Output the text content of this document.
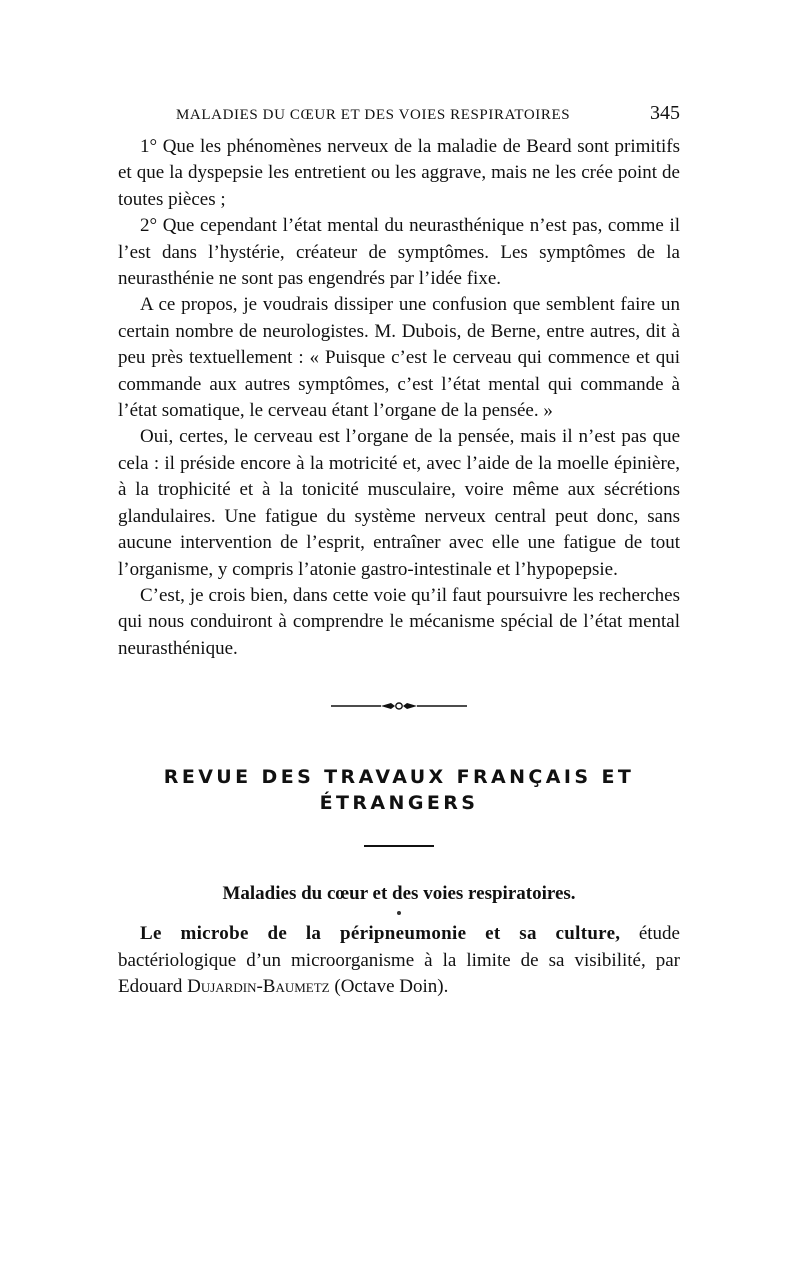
MALADIES DU CŒUR ET DES VOIES RESPIRATOIRES	345

1° Que les phénomènes nerveux de la maladie de Beard sont primitifs et que la dyspepsie les entretient ou les aggrave, mais ne les crée point de toutes pièces ;

2° Que cependant l’état mental du neurasthénique n’est pas, comme il l’est dans l’hystérie, créateur de symptômes. Les symptômes de la neurasthénie ne sont pas engendrés par l’idée fixe.

A ce propos, je voudrais dissiper une confusion que semblent faire un certain nombre de neurologistes. M. Dubois, de Berne, entre autres, dit à peu près textuellement : « Puisque c’est le cerveau qui commence et qui commande aux autres symptômes, c’est l’état mental qui commande à l’état somatique, le cerveau étant l’organe de la pensée. »

Oui, certes, le cerveau est l’organe de la pensée, mais il n’est pas que cela : il préside encore à la motricité et, avec l’aide de la moelle épinière, à la trophicité et à la tonicité musculaire, voire même aux sécrétions glandulaires. Une fatigue du système nerveux central peut donc, sans aucune intervention de l’esprit, entraîner avec elle une fatigue de tout l’organisme, y compris l’atonie gastro-intestinale et l’hypopepsie.

C’est, je crois bien, dans cette voie qu’il faut poursuivre les recherches qui nous conduiront à comprendre le mécanisme spécial de l’état mental neurasthénique.

REVUE DES TRAVAUX FRANÇAIS ET ÉTRANGERS
Maladies du cœur et des voies respiratoires.

Le microbe de la péripneumonie et sa culture, étude bactériologique d’un microorganisme à la limite de sa visibilité, par Edouard Dujardin-Baumetz (Octave Doin).
